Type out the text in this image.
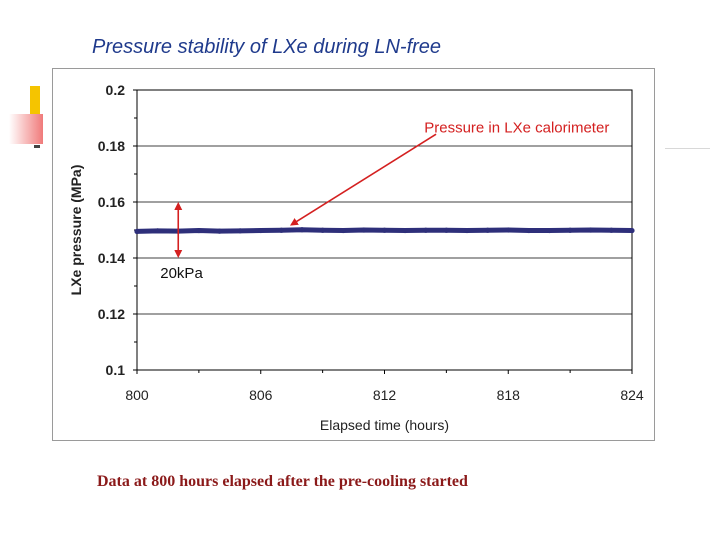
Pressure stability of LXe during LN-free
20kPa
Pressure in LXe calorimeter
0.2
0.18
0.16
0.14
0.12
0.1
800	806	812	818	824
Elapsed time (hours)
LXe pressure (MPa)

Data at 800 hours elapsed after the pre-cooling started
